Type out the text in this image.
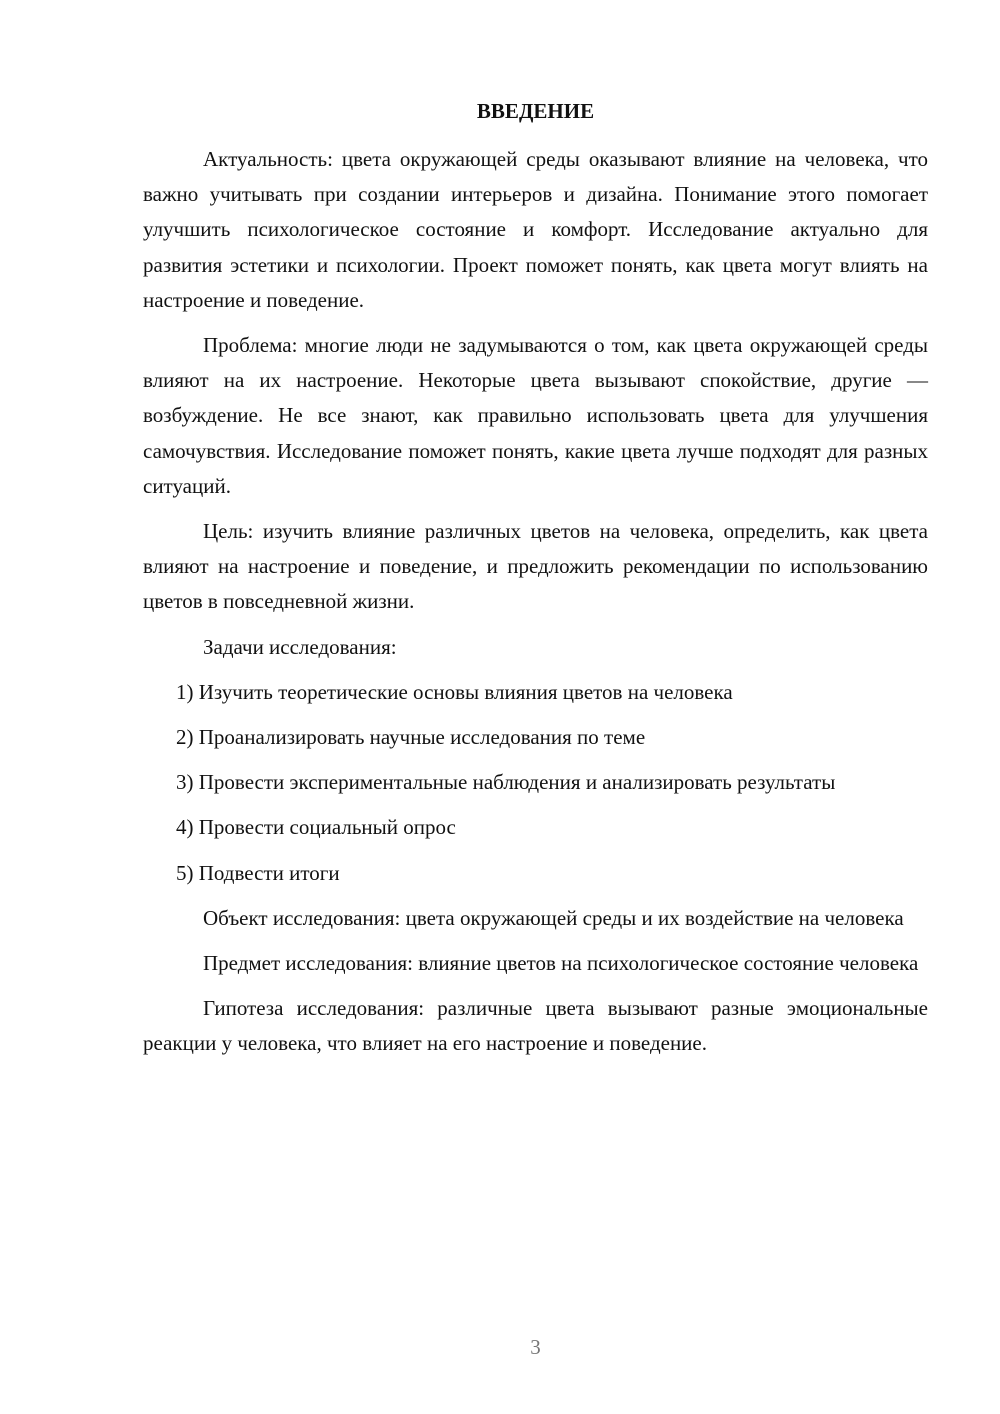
ВВЕДЕНИЕ

Актуальность: цвета окружающей среды оказывают влияние на человека, что важно учитывать при создании интерьеров и дизайна. Понимание этого помогает улучшить психологическое состояние и комфорт. Исследование актуально для развития эстетики и психологии. Проект поможет понять, как цвета могут влиять на настроение и поведение.

Проблема: многие люди не задумываются о том, как цвета окружающей среды влияют на их настроение. Некоторые цвета вызывают спокойствие, другие — возбуждение. Не все знают, как правильно использовать цвета для улучшения самочувствия. Исследование поможет понять, какие цвета лучше подходят для разных ситуаций.

Цель: изучить влияние различных цветов на человека, определить, как цвета влияют на настроение и поведение, и предложить рекомендации по использованию цветов в повседневной жизни.

Задачи исследования:

1) Изучить теоретические основы влияния цветов на человека

2) Проанализировать научные исследования по теме

3) Провести экспериментальные наблюдения и анализировать результаты

4) Провести социальный опрос

5) Подвести итоги

Объект исследования: цвета окружающей среды и их воздействие на человека

Предмет исследования: влияние цветов на психологическое состояние человека

Гипотеза исследования: различные цвета вызывают разные эмоциональные реакции у человека, что влияет на его настроение и поведение.

3
